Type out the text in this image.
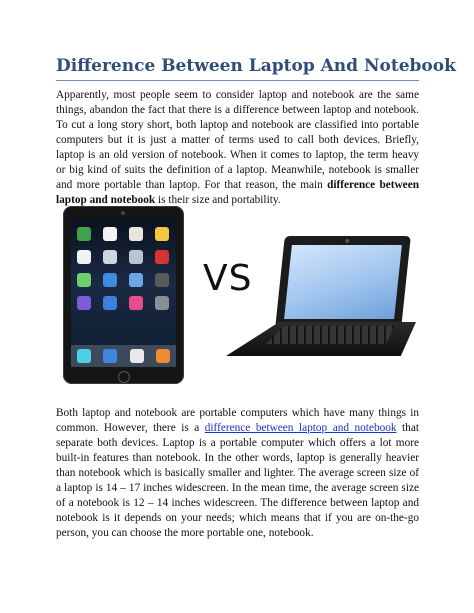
Difference Between Laptop And Notebook

Apparently, most people seem to consider laptop and notebook are the same things, abandon the fact that there is a difference between laptop and notebook. To cut a long story short, both laptop and notebook are classified into portable computers but it is just a matter of terms used to call both devices. Briefly, laptop is an old version of notebook. When it comes to laptop, the term heavy or big kind of suits the definition of a laptop. Meanwhile, notebook is smaller and more portable than laptop. For that reason, the main difference between laptop and notebook is their size and portability.

VS

Both laptop and notebook are portable computers which have many things in common. However, there is a difference between laptop and notebook that separate both devices. Laptop is a portable computer which offers a lot more built-in features than notebook. In the other words, laptop is generally heavier than notebook which is basically smaller and lighter. The average screen size of a laptop is 14 – 17 inches widescreen. In the mean time, the average screen size of a notebook is 12 – 14 inches widescreen. The difference between laptop and notebook is it depends on your needs; which means that if you are on-the-go person, you can choose the more portable one, notebook.
